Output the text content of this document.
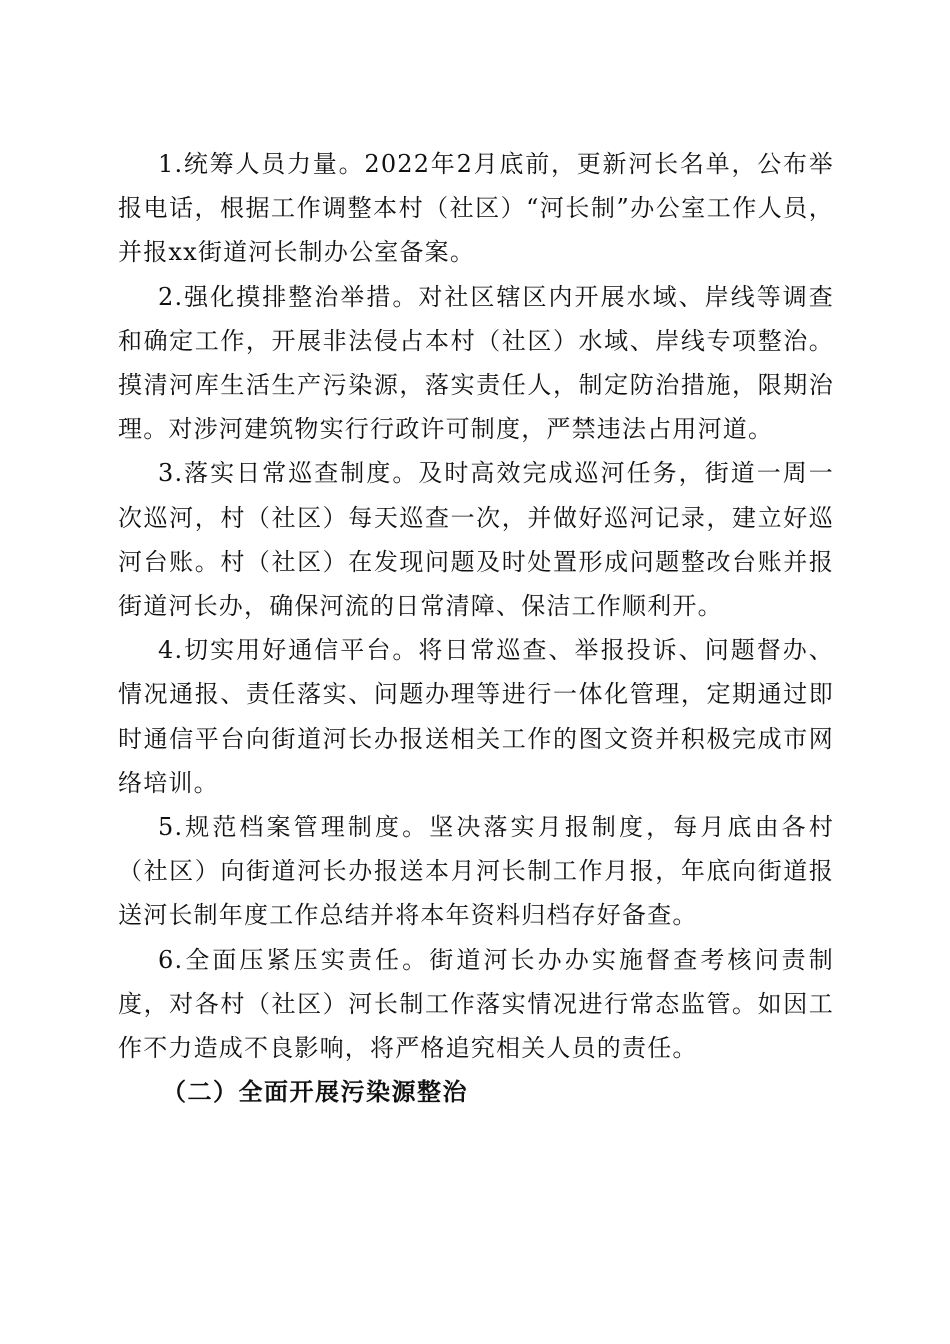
1.统筹人员力量。2022年2月底前，更新河长名单，公布举报电话，根据工作调整本村（社区）“河长制”办公室工作人员，并报xx街道河长制办公室备案。

2.强化摸排整治举措。对社区辖区内开展水域、岸线等调查和确定工作，开展非法侵占本村（社区）水域、岸线专项整治。摸清河库生活生产污染源，落实责任人，制定防治措施，限期治理。对涉河建筑物实行行政许可制度，严禁违法占用河道。

3.落实日常巡查制度。及时高效完成巡河任务，街道一周一次巡河，村（社区）每天巡查一次，并做好巡河记录，建立好巡河台账。村（社区）在发现问题及时处置形成问题整改台账并报街道河长办，确保河流的日常清障、保洁工作顺利开。

4.切实用好通信平台。将日常巡查、举报投诉、问题督办、情况通报、责任落实、问题办理等进行一体化管理，定期通过即时通信平台向街道河长办报送相关工作的图文资并积极完成市网络培训。

5.规范档案管理制度。坚决落实月报制度，每月底由各村（社区）向街道河长办报送本月河长制工作月报，年底向街道报送河长制年度工作总结并将本年资料归档存好备查。

6.全面压紧压实责任。街道河长办办实施督查考核问责制度，对各村（社区）河长制工作落实情况进行常态监管。如因工作不力造成不良影响，将严格追究相关人员的责任。

（二）全面开展污染源整治
